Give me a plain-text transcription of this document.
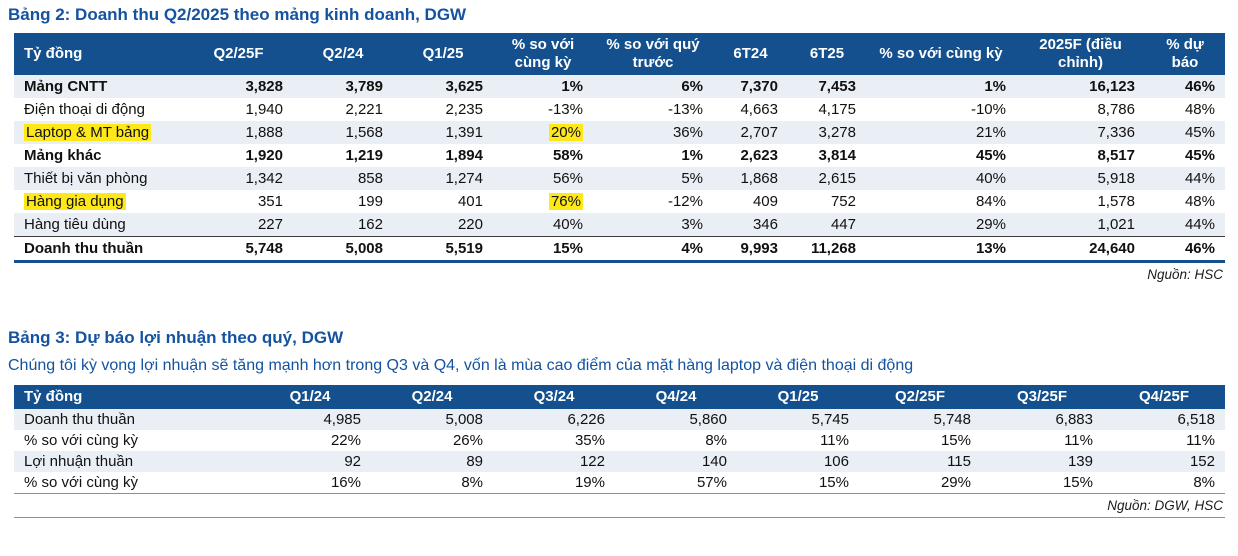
Bảng 2: Doanh thu Q2/2025 theo mảng kinh doanh, DGW
Tỷ đồng	Q2/25F	Q2/24	Q1/25	% so với cùng kỳ	% so với quý trước	6T24	6T25	% so với cùng kỳ	2025F (điều chỉnh)	% dự báo
Mảng CNTT	3,828	3,789	3,625	1%	6%	7,370	7,453	1%	16,123	46%
Điện thoại di động	1,940	2,221	2,235	-13%	-13%	4,663	4,175	-10%	8,786	48%
Laptop & MT bảng	1,888	1,568	1,391	20%	36%	2,707	3,278	21%	7,336	45%
Mảng khác	1,920	1,219	1,894	58%	1%	2,623	3,814	45%	8,517	45%
Thiết bị văn phòng	1,342	858	1,274	56%	5%	1,868	2,615	40%	5,918	44%
Hàng gia dụng	351	199	401	76%	-12%	409	752	84%	1,578	48%
Hàng tiêu dùng	227	162	220	40%	3%	346	447	29%	1,021	44%
Doanh thu thuần	5,748	5,008	5,519	15%	4%	9,993	11,268	13%	24,640	46%
Nguồn: HSC
Bảng 3: Dự báo lợi nhuận theo quý, DGW
Chúng tôi kỳ vọng lợi nhuận sẽ tăng mạnh hơn trong Q3 và Q4, vốn là mùa cao điểm của mặt hàng laptop và điện thoại di động
Tỷ đồng	Q1/24	Q2/24	Q3/24	Q4/24	Q1/25	Q2/25F	Q3/25F	Q4/25F
Doanh thu thuần	4,985	5,008	6,226	5,860	5,745	5,748	6,883	6,518
% so với cùng kỳ	22%	26%	35%	8%	11%	15%	11%	11%
Lợi nhuận thuần	92	89	122	140	106	115	139	152
% so với cùng kỳ	16%	8%	19%	57%	15%	29%	15%	8%
Nguồn: DGW, HSC
